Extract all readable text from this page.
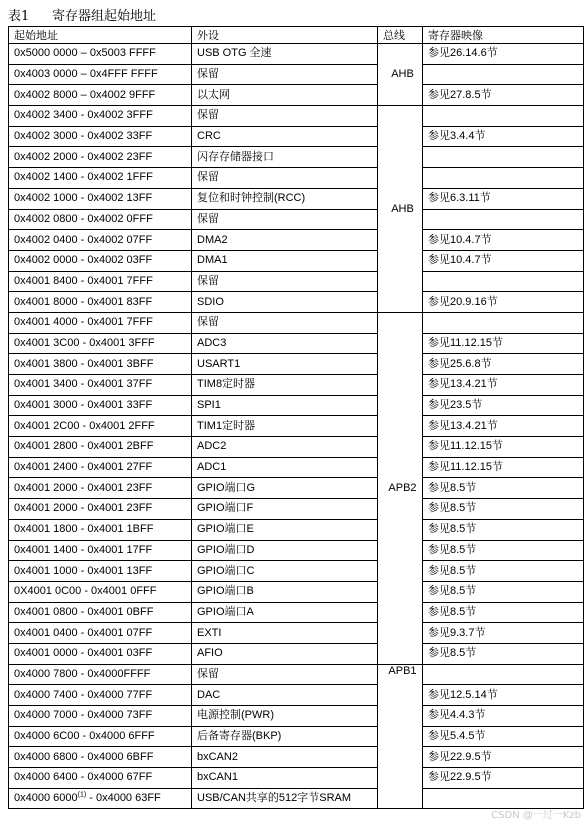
表1 寄存器组起始地址
起始地址	外设	总线	寄存器映像
0x5000 0000 – 0x5003 FFFF	USB OTG 全速	AHB	参见26.14.6节
0x4003 0000 – 0x4FFF FFFF	保留		
0x4002 8000 – 0x4002 9FFF	以太网		参见27.8.5节
0x4002 3400 - 0x4002 3FFF	保留	AHB	
0x4002 3000 - 0x4002 33FF	CRC		参见3.4.4节
0x4002 2000 - 0x4002 23FF	闪存存储器接口		
0x4002 1400 - 0x4002 1FFF	保留		
0x4002 1000 - 0x4002 13FF	复位和时钟控制(RCC)		参见6.3.11节
0x4002 0800 - 0x4002 0FFF	保留		
0x4002 0400 - 0x4002 07FF	DMA2		参见10.4.7节
0x4002 0000 - 0x4002 03FF	DMA1		参见10.4.7节
0x4001 8400 - 0x4001 7FFF	保留		
0x4001 8000 - 0x4001 83FF	SDIO		参见20.9.16节
0x4001 4000 - 0x4001 7FFF	保留	APB2	
0x4001 3C00 - 0x4001 3FFF	ADC3		参见11.12.15节
0x4001 3800 - 0x4001 3BFF	USART1		参见25.6.8节
0x4001 3400 - 0x4001 37FF	TIM8定时器		参见13.4.21节
0x4001 3000 - 0x4001 33FF	SPI1		参见23.5节
0x4001 2C00 - 0x4001 2FFF	TIM1定时器		参见13.4.21节
0x4001 2800 - 0x4001 2BFF	ADC2		参见11.12.15节
0x4001 2400 - 0x4001 27FF	ADC1		参见11.12.15节
0x4001 2000 - 0x4001 23FF	GPIO端口G		参见8.5节
0x4001 2000 - 0x4001 23FF	GPIO端口F		参见8.5节
0x4001 1800 - 0x4001 1BFF	GPIO端口E		参见8.5节
0x4001 1400 - 0x4001 17FF	GPIO端口D		参见8.5节
0x4001 1000 - 0x4001 13FF	GPIO端口C		参见8.5节
0X4001 0C00 - 0x4001 0FFF	GPIO端口B		参见8.5节
0x4001 0800 - 0x4001 0BFF	GPIO端口A		参见8.5节
0x4001 0400 - 0x4001 07FF	EXTI		参见9.3.7节
0x4001 0000 - 0x4001 03FF	AFIO		参见8.5节
0x4000 7800 - 0x4000FFFF	保留	APB1	
0x4000 7400 - 0x4000 77FF	DAC		参见12.5.14节
0x4000 7000 - 0x4000 73FF	电源控制(PWR)		参见4.4.3节
0x4000 6C00 - 0x4000 6FFF	后备寄存器(BKP)		参见5.4.5节
0x4000 6800 - 0x4000 6BFF	bxCAN2		参见22.9.5节
0x4000 6400 - 0x4000 67FF	bxCAN1		参见22.9.5节
0x4000 6000$^{(1)}$ - 0x4000 63FF	USB/CAN共享的512字节SRAM		
CSDN @一过一Kzb
